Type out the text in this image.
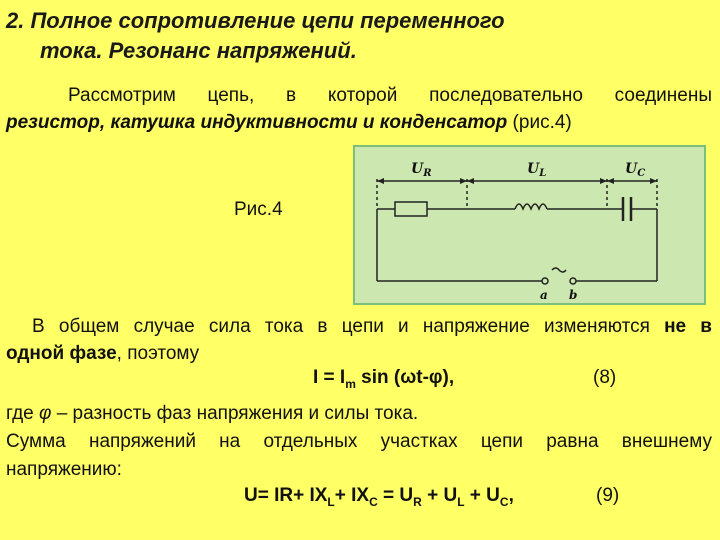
2. Полное сопротивление цепи переменного
тока. Резонанс напряжений.
Рассмотрим цепь, в которой последовательно соединены
резистор, катушка индуктивности и конденсатор (рис.4)
Рис.4
$U_R$	$U_L$	$U_C$
a b
В общем случае сила тока в цепи и напряжение изменяются не в
одной фазе, поэтому
$I = I_m$ sin (ωt-φ),	(8)
где φ – разность фаз напряжения и силы тока.
Сумма напряжений на отдельных участках цепи равна внешнему
напряжению:
$U= IR+ IX_L+ IX_C = U_R + U_L + U_C$,	(9)
